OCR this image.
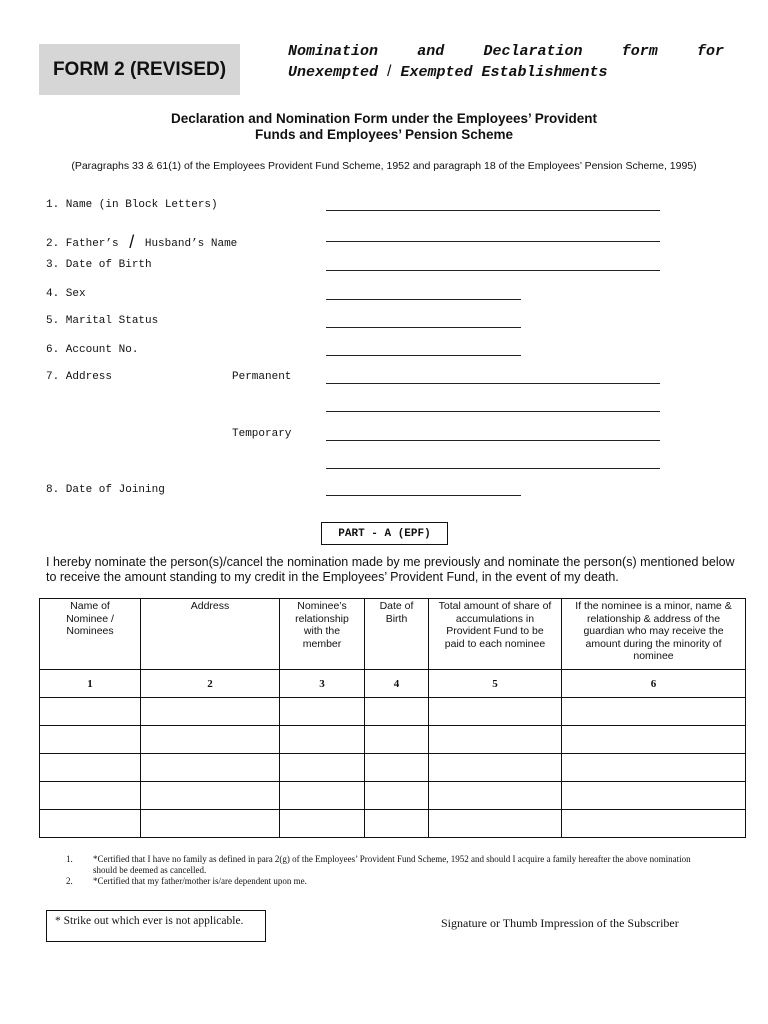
FORM 2 (REVISED)
Nomination	and	Declaration	form	for
Unexempted / Exempted Establishments
Declaration and Nomination Form under the Employees’ Provident
Funds and Employees’ Pension Scheme
(Paragraphs 33 & 61(1) of the Employees Provident Fund Scheme, 1952 and paragraph 18 of the Employees’ Pension Scheme, 1995)
1. Name (in Block Letters)
2. Father’s / Husband’s Name
3. Date of Birth
4. Sex
5. Marital Status
6. Account No.
7. Address	Permanent
Temporary
8. Date of Joining
PART - A (EPF)
I hereby nominate the person(s)/cancel the nomination made by me previously and nominate the person(s) mentioned below to receive the amount standing to my credit in the Employees’ Provident Fund, in the event of my death.
Name of Nominee / Nominees	Address	Nominee’s relationship with the member	Date of Birth	Total amount of share of accumulations in Provident Fund to be paid to each nominee	If the nominee is a minor, name & relationship & address of the guardian who may receive the amount during the minority of nominee
1	2	3	4	5	6

1.	*Certified that I have no family as defined in para 2(g) of the Employees’ Provident Fund Scheme, 1952 and should I acquire a family hereafter the above nomination should be deemed as cancelled.
2.	*Certified that my father/mother is/are dependent upon me.
* Strike out which ever is not applicable.	Signature or Thumb Impression of the Subscriber
